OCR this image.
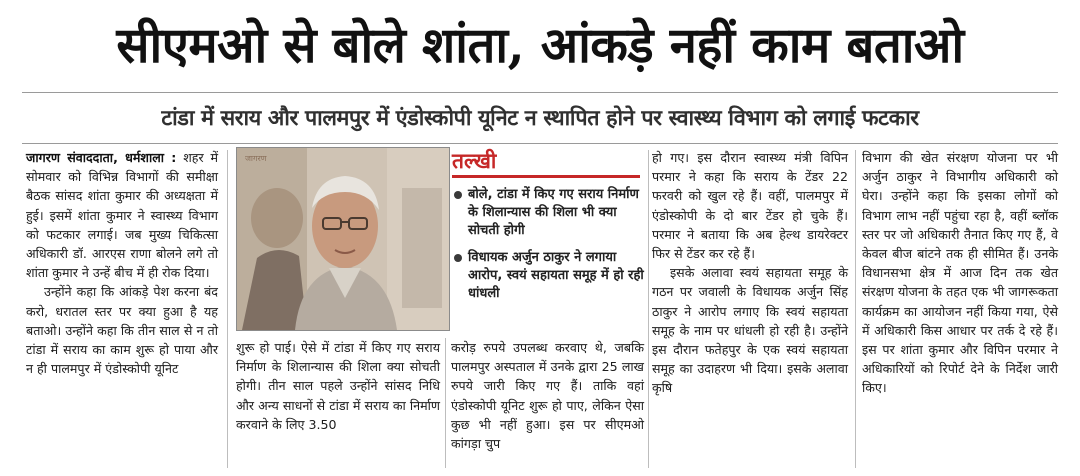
सीएमओ से बोले शांता, आंकड़े नहीं काम बताओ
टांडा में सराय और पालमपुर में एंडोस्कोपी यूनिट न स्थापित होने पर स्वास्थ्य विभाग को लगाई फटकार

जागरण संवाददाता, धर्मशाला : शहर में सोमवार को विभिन्न विभागों की समीक्षा बैठक सांसद शांता कुमार की अध्यक्षता में हुई। इसमें शांता कुमार ने स्वास्थ्य विभाग को फटकार लगाई। जब मुख्य चिकित्सा अधिकारी डॉ. आरएस राणा बोलने लगे तो शांता कुमार ने उन्हें बीच में ही रोक दिया।

उन्होंने कहा कि आंकड़े पेश करना बंद करो, धरातल स्तर पर क्या हुआ है यह बताओ। उन्होंने कहा कि तीन साल से न तो टांडा में सराय का काम शुरू हो पाया और न ही पालमपुर में एंडोस्कोपी यूनिट

जागरण	तल्खी
बोले, टांडा में किए गए सराय निर्माण के शिलान्यास की शिला भी क्या सोचती होगी
विधायक अर्जुन ठाकुर ने लगाया आरोप, स्वयं सहायता समूह में हो रही धांधली

शुरू हो पाई। ऐसे में टांडा में किए गए सराय निर्माण के शिलान्यास की शिला क्या सोचती होगी। तीन साल पहले उन्होंने सांसद निधि और अन्य साधनों से टांडा में सराय का निर्माण करवाने के लिए 3.50

करोड़ रुपये उपलब्ध करवाए थे, जबकि पालमपुर अस्पताल में उनके द्वारा 25 लाख रुपये जारी किए गए हैं। ताकि वहां एंडोस्कोपी यूनिट शुरू हो पाए, लेकिन ऐसा कुछ भी नहीं हुआ। इस पर सीएमओ कांगड़ा चुप

हो गए। इस दौरान स्वास्थ्य मंत्री विपिन परमार ने कहा कि सराय के टेंडर 22 फरवरी को खुल रहे हैं। वहीं, पालमपुर में एंडोस्कोपी के दो बार टेंडर हो चुके हैं। परमार ने बताया कि अब हेल्थ डायरेक्टर फिर से टेंडर कर रहे हैं।

इसके अलावा स्वयं सहायता समूह के गठन पर जवाली के विधायक अर्जुन सिंह ठाकुर ने आरोप लगाए कि स्वयं सहायता समूह के नाम पर धांधली हो रही है। उन्होंने इस दौरान फतेहपुर के एक स्वयं सहायता समूह का उदाहरण भी दिया। इसके अलावा कृषि

विभाग की खेत संरक्षण योजना पर भी अर्जुन ठाकुर ने विभागीय अधिकारी को घेरा। उन्होंने कहा कि इसका लोगों को विभाग लाभ नहीं पहुंचा रहा है, वहीं ब्लॉक स्तर पर जो अधिकारी तैनात किए गए हैं, वे केवल बीज बांटने तक ही सीमित हैं। उनके विधानसभा क्षेत्र में आज दिन तक खेत संरक्षण योजना के तहत एक भी जागरूकता कार्यक्रम का आयोजन नहीं किया गया, ऐसे में अधिकारी किस आधार पर तर्क दे रहे हैं। इस पर शांता कुमार और विपिन परमार ने अधिकारियों को रिपोर्ट देने के निर्देश जारी किए।
